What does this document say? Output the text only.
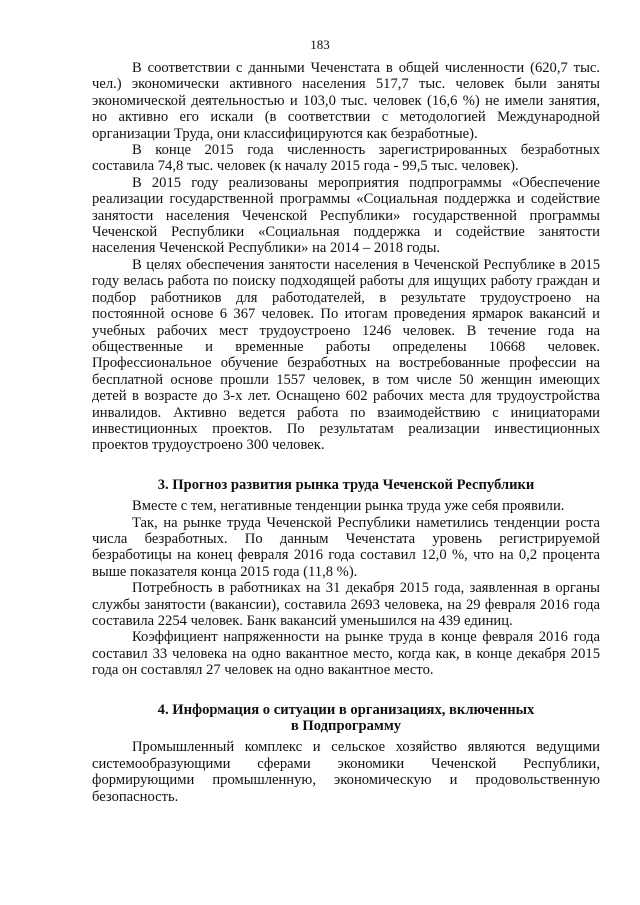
183

В соответствии с данными Чеченстата в общей численности (620,7 тыс. чел.) экономически активного населения 517,7 тыс. человек были заняты экономической деятельностью и 103,0 тыс. человек (16,6 %) не имели занятия, но активно его искали (в соответствии с методологией Международной организации Труда, они классифицируются как безработные).

В конце 2015 года численность зарегистрированных безработных составила 74,8 тыс. человек (к началу 2015 года - 99,5 тыс. человек).

В 2015 году реализованы мероприятия подпрограммы «Обеспечение реализации государственной программы «Социальная поддержка и содействие занятости населения Чеченской Республики» государственной программы Чеченской Республики «Социальная поддержка и содействие занятости населения Чеченской Республики» на 2014 – 2018 годы.

В целях обеспечения занятости населения в Чеченской Республике в 2015 году велась работа по поиску подходящей работы для ищущих работу граждан и подбор работников для работодателей, в результате трудоустроено на постоянной основе 6 367 человек. По итогам проведения ярмарок вакансий и учебных рабочих мест трудоустроено 1246 человек. В течение года на общественные и временные работы определены 10668 человек. Профессиональное обучение безработных на востребованные профессии на бесплатной основе прошли 1557 человек, в том числе 50 женщин имеющих детей в возрасте до 3-х лет. Оснащено 602 рабочих места для трудоустройства инвалидов. Активно ведется работа по взаимодействию с инициаторами инвестиционных проектов. По результатам реализации инвестиционных проектов трудоустроено 300 человек.

3. Прогноз развития рынка труда Чеченской Республики

Вместе с тем, негативные тенденции рынка труда уже себя проявили.

Так, на рынке труда Чеченской Республики наметились тенденции роста числа безработных. По данным Чеченстата уровень регистрируемой безработицы на конец февраля 2016 года составил 12,0 %, что на 0,2 процента выше показателя конца 2015 года (11,8 %).

Потребность в работниках на 31 декабря 2015 года, заявленная в органы службы занятости (вакансии), составила 2693 человека, на 29 февраля 2016 года составила 2254 человек. Банк вакансий уменьшился на 439 единиц.

Коэффициент напряженности на рынке труда в конце февраля 2016 года составил 33 человека на одно вакантное место, когда как, в конце декабря 2015 года он составлял 27 человек на одно вакантное место.

4. Информация о ситуации в организациях, включенных
в Подпрограмму

Промышленный комплекс и сельское хозяйство являются ведущими системообразующими сферами экономики Чеченской Республики, формирующими промышленную, экономическую и продовольственную безопасность.
